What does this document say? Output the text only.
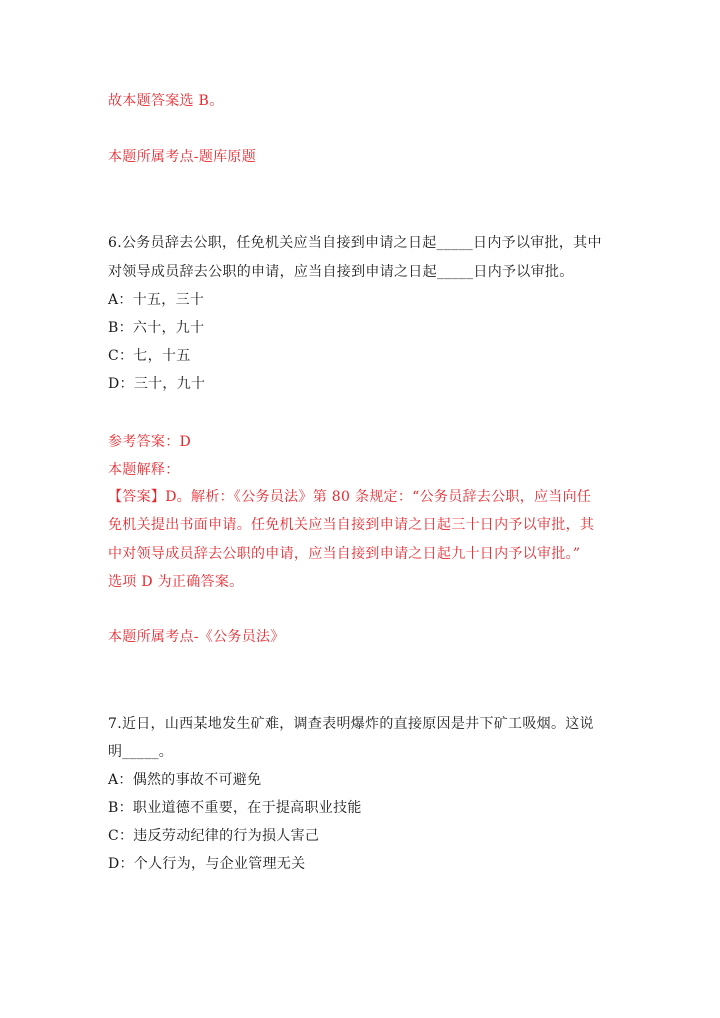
故本题答案选 B。
本题所属考点-题库原题
6.公务员辞去公职，任免机关应当自接到申请之日起_____日内予以审批，其中
对领导成员辞去公职的申请，应当自接到申请之日起_____日内予以审批。
A：十五，三十
B：六十，九十
C：七，十五
D：三十，九十
参考答案：D
本题解释：
【答案】D。解析：《公务员法》第 80 条规定：“公务员辞去公职，应当向任
免机关提出书面申请。任免机关应当自接到申请之日起三十日内予以审批，其
中对领导成员辞去公职的申请，应当自接到申请之日起九十日内予以审批。”
选项 D 为正确答案。
本题所属考点-《公务员法》
7.近日，山西某地发生矿难，调查表明爆炸的直接原因是井下矿工吸烟。这说
明_____。
A：偶然的事故不可避免
B：职业道德不重要，在于提高职业技能
C：违反劳动纪律的行为损人害己
D：个人行为，与企业管理无关
